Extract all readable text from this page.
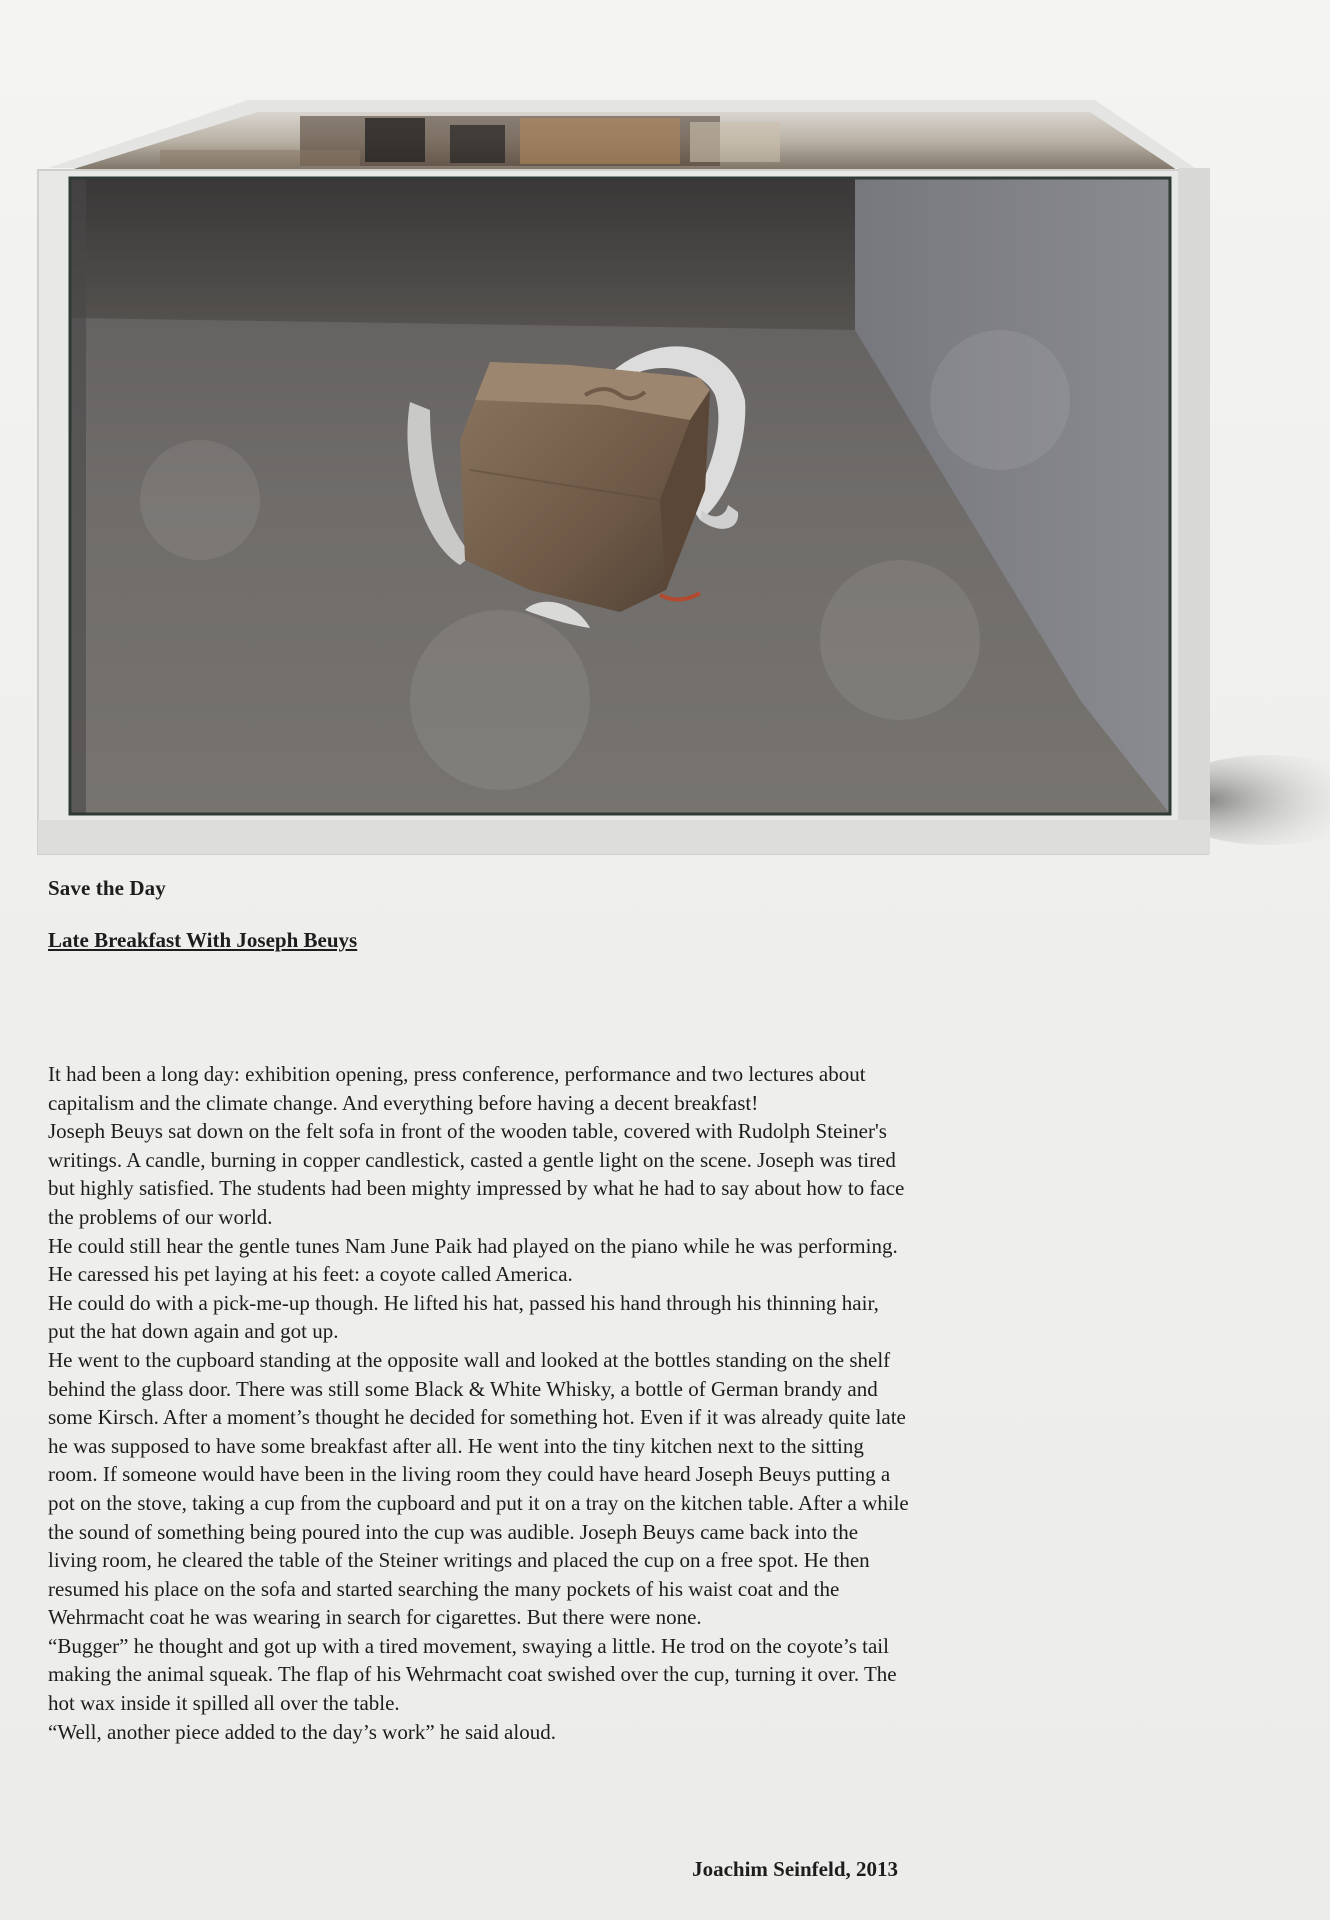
Save the Day
Late Breakfast With Joseph Beuys

It had been a long day: exhibition opening, press conference, performance and two lectures about capitalism and the climate change. And everything before having a decent breakfast!

Joseph Beuys sat down on the felt sofa in front of the wooden table, covered with Rudolph Steiner's writings. A candle, burning in copper candlestick, casted a gentle light on the scene. Joseph was tired but highly satisfied. The students had been mighty impressed by what he had to say about how to face the problems of our world.

He could still hear the gentle tunes Nam June Paik had played on the piano while he was performing.

He caressed his pet laying at his feet: a coyote called America.

He could do with a pick-me-up though. He lifted his hat, passed his hand through his thinning hair, put the hat down again and got up.

He went to the cupboard standing at the opposite wall and looked at the bottles standing on the shelf behind the glass door. There was still some Black & White Whisky, a bottle of German brandy and some Kirsch. After a moment’s thought he decided for something hot. Even if it was already quite late he was supposed to have some breakfast after all. He went into the tiny kitchen next to the sitting room. If someone would have been in the living room they could have heard Joseph Beuys putting a pot on the stove, taking a cup from the cupboard and put it on a tray on the kitchen table. After a while the sound of something being poured into the cup was audible. Joseph Beuys came back into the living room, he cleared the table of the Steiner writings and placed the cup on a free spot. He then resumed his place on the sofa and started searching the many pockets of his waist coat and the Wehrmacht coat he was wearing in search for cigarettes. But there were none.

“Bugger” he thought and got up with a tired movement, swaying a little. He trod on the coyote’s tail making the animal squeak. The flap of his Wehrmacht coat swished over the cup, turning it over. The hot wax inside it spilled all over the table.

“Well, another piece added to the day’s work” he said aloud.

Joachim Seinfeld, 2013
